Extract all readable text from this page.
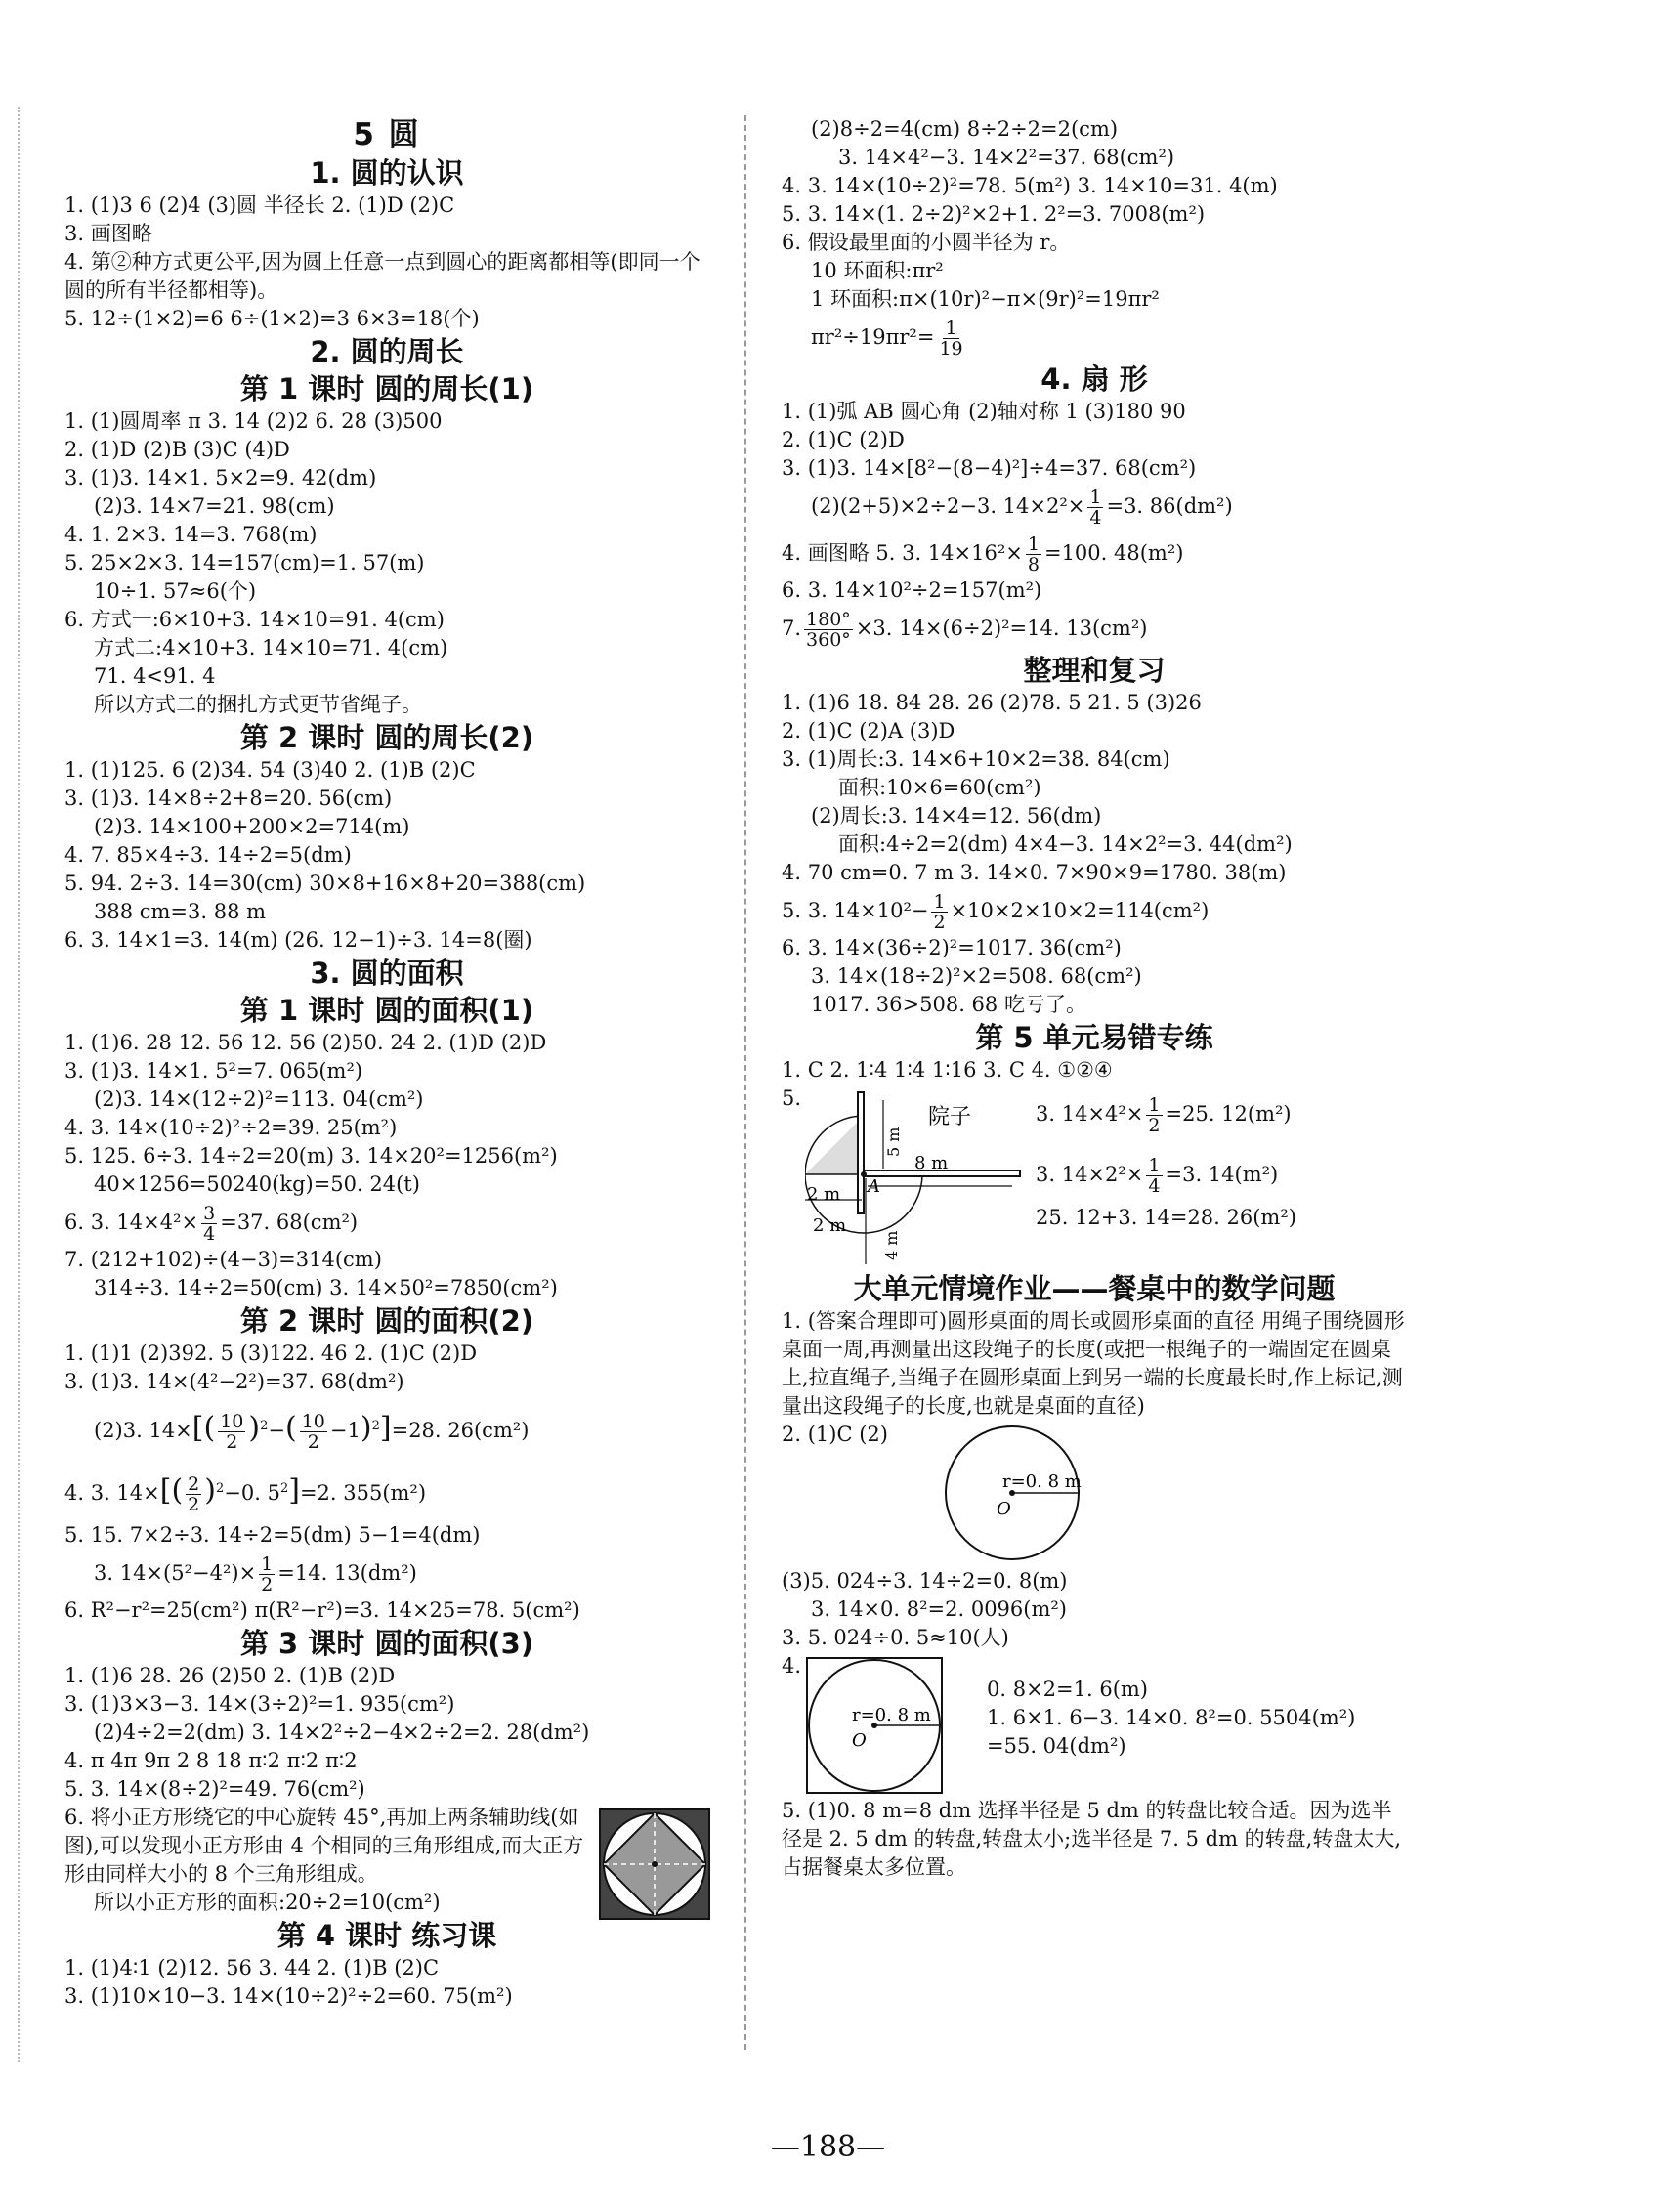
5 圆
1. 圆的认识
1. (1)3 6 (2)4 (3)圆 半径长 2. (1)D (2)C
3. 画图略
4. 第②种方式更公平,因为圆上任意一点到圆心的距离都相等(即同一个圆的所有半径都相等)。
5. 12÷(1×2)=6 6÷(1×2)=3 6×3=18(个)
2. 圆的周长
第 1 课时 圆的周长(1)
1. (1)圆周率 π 3. 14 (2)2 6. 28 (3)500
2. (1)D (2)B (3)C (4)D
3. (1)3. 14×1. 5×2=9. 42(dm)
(2)3. 14×7=21. 98(cm)
4. 1. 2×3. 14=3. 768(m)
5. 25×2×3. 14=157(cm)=1. 57(m)
10÷1. 57≈6(个)
6. 方式一:6×10+3. 14×10=91. 4(cm)
方式二:4×10+3. 14×10=71. 4(cm)
71. 4<91. 4
所以方式二的捆扎方式更节省绳子。
第 2 课时 圆的周长(2)
1. (1)125. 6 (2)34. 54 (3)40 2. (1)B (2)C
3. (1)3. 14×8÷2+8=20. 56(cm)
(2)3. 14×100+200×2=714(m)
4. 7. 85×4÷3. 14÷2=5(dm)
5. 94. 2÷3. 14=30(cm) 30×8+16×8+20=388(cm)
388 cm=3. 88 m
6. 3. 14×1=3. 14(m) (26. 12−1)÷3. 14=8(圈)
3. 圆的面积
第 1 课时 圆的面积(1)
1. (1)6. 28 12. 56 12. 56 (2)50. 24 2. (1)D (2)D
3. (1)3. 14×1. 5²=7. 065(m²)
(2)3. 14×(12÷2)²=113. 04(cm²)
4. 3. 14×(10÷2)²÷2=39. 25(m²)
5. 125. 6÷3. 14÷2=20(m) 3. 14×20²=1256(m²)
40×1256=50240(kg)=50. 24(t)
6. 3. $14\times 4^2\times \frac{3}{4} =37$. 68(cm²)
7. (212+102)÷(4−3)=314(cm)
314÷3. 14÷2=50(cm) 3. 14×50²=7850(cm²)
第 2 课时 圆的面积(2)
1. (1)1 (2)392. 5 (3)122. 46 2. (1)C (2)D
3. (1)3. 14×(4²−2²)=37. 68(dm²)
(2)3. $14\times[( \frac{10}{2} )^2-( \frac{10}{2} -1)^2]=28$. 26(cm²)
4. 3. $14\times[( \frac{2}{2} )^2-0$. $5^2]=2$. 355(m²)
5. 15. 7×2÷3. 14÷2=5(dm) 5−1=4(dm)
3. $14\times(5^2-4^2)\times \frac{1}{2} =14$. 13(dm²)
6. R²−r²=25(cm²) π(R²−r²)=3. 14×25=78. 5(cm²)
第 3 课时 圆的面积(3)
1. (1)6 28. 26 (2)50 2. (1)B (2)D
3. (1)3×3−3. 14×(3÷2)²=1. 935(cm²)
(2)4÷2=2(dm) 3. 14×2²÷2−4×2÷2=2. 28(dm²)
4. π 4π 9π 2 8 18 π∶2 π∶2 π∶2
5. 3. 14×(8÷2)²=49. 76(cm²)
6. 将小正方形绕它的中心旋转 45°,再加上两条辅助线(如图),可以发现小正方形由 4 个相同的三角形组成,而大正方形由同样大小的 8 个三角形组成。
所以小正方形的面积:20÷2=10(cm²)
第 4 课时 练习课
1. (1)4∶1 (2)12. 56 3. 44 2. (1)B (2)C
3. (1)10×10−3. 14×(10÷2)²÷2=60. 75(m²)
(2)8÷2=4(cm) 8÷2÷2=2(cm)
3. 14×4²−3. 14×2²=37. 68(cm²)
4. 3. 14×(10÷2)²=78. 5(m²) 3. 14×10=31. 4(m)
5. 3. 14×(1. 2÷2)²×2+1. 2²=3. 7008(m²)
6. 假设最里面的小圆半径为 r。
10 环面积:πr²
1 环面积:π×(10r)²−π×(9r)²=19πr²
$\pi r^2\div 19\pi r^2= \frac{1}{19}$
4. 扇 形
1. (1)弧 AB 圆心角 (2)轴对称 1 (3)180 90
2. (1)C (2)D
3. (1)3. 14×[8²−(8−4)²]÷4=37. 68(cm²)
(2)(2+5)×2÷2−3. $14\times 2^2\times \frac{1}{4} =3$. 86(dm²)
4. 画图略 5. 3. $14\times 16^2\times \frac{1}{8} =100$. 48(m²)
6. 3. 14×10²÷2=157(m²)
7. $\frac{180^\circ}{360^\circ} \times 3$. 14×(6÷2)²=14. 13(cm²)
整理和复习
1. (1)6 18. 84 28. 26 (2)78. 5 21. 5 (3)26
2. (1)C (2)A (3)D
3. (1)周长:3. 14×6+10×2=38. 84(cm)
面积:10×6=60(cm²)
(2)周长:3. 14×4=12. 56(dm)
面积:4÷2=2(dm) 4×4−3. 14×2²=3. 44(dm²)
4. 70 cm=0. 7 m 3. 14×0. 7×90×9=1780. 38(m)
5. 3. $14\times 10^2- \frac{1}{2} \times 10\times 2\times 10\times 2=114(cm^2)$
6. 3. 14×(36÷2)²=1017. 36(cm²)
3. 14×(18÷2)²×2=508. 68(cm²)
1017. 36>508. 68 吃亏了。
第 5 单元易错专练
1. C 2. 1∶4 1∶4 1∶16 3. C 4. ①②④
5.
5 m
院子
8 m
2 m A
2 m
4 m
3. $14\times 4^2\times \frac{1}{2} =25$. 12(m²)
3. $14\times 2^2\times \frac{1}{4} =3$. 14(m²)
25. 12+3. 14=28. 26(m²)
大单元情境作业——餐桌中的数学问题
1. (答案合理即可)圆形桌面的周长或圆形桌面的直径 用绳子围绕圆形桌面一周,再测量出这段绳子的长度(或把一根绳子的一端固定在圆桌上,拉直绳子,当绳子在圆形桌面上到另一端的长度最长时,作上标记,测量出这段绳子的长度,也就是桌面的直径)
2. (1)C (2)
r=0. 8 m
O
(3)5. 024÷3. 14÷2=0. 8(m)
3. 14×0. 8²=2. 0096(m²)
3. 5. 024÷0. 5≈10(人)
4.
r=0. 8 m
O
0. 8×2=1. 6(m)
1. 6×1. 6−3. 14×0. 8²=0. 5504(m²)
=55. 04(dm²)
5. (1)0. 8 m=8 dm 选择半径是 5 dm 的转盘比较合适。因为选半径是 2. 5 dm 的转盘,转盘太小;选半径是 7. 5 dm 的转盘,转盘太大,占据餐桌太多位置。
—188—
